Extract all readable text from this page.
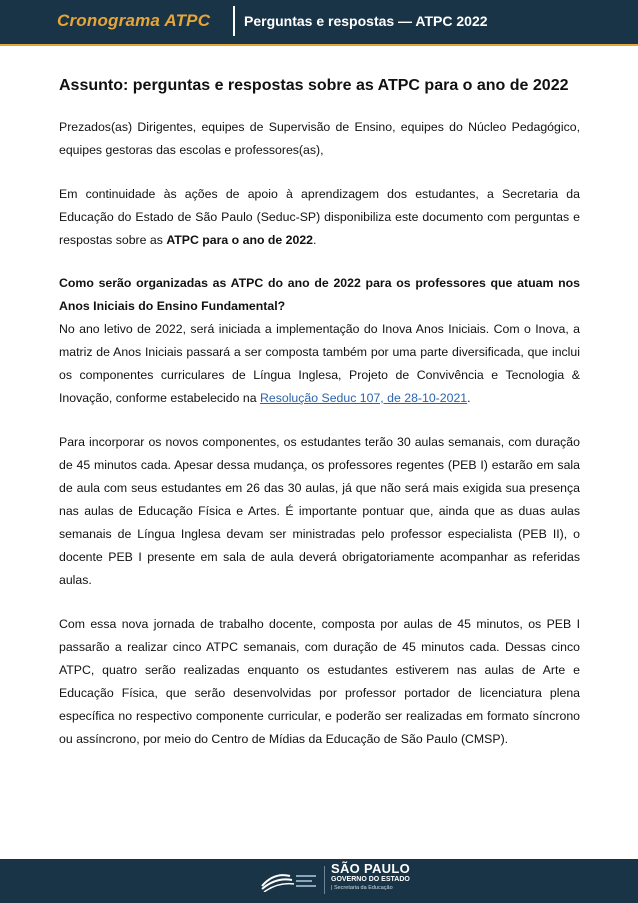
Cronograma ATPC Perguntas e respostas — ATPC 2022
Assunto: perguntas e respostas sobre as ATPC para o ano de 2022

Prezados(as) Dirigentes, equipes de Supervisão de Ensino, equipes do Núcleo Pedagógico, equipes gestoras das escolas e professores(as),

Em continuidade às ações de apoio à aprendizagem dos estudantes, a Secretaria da Educação do Estado de São Paulo (Seduc-SP) disponibiliza este documento com perguntas e respostas sobre as ATPC para o ano de 2022.

Como serão organizadas as ATPC do ano de 2022 para os professores que atuam nos Anos Iniciais do Ensino Fundamental?

No ano letivo de 2022, será iniciada a implementação do Inova Anos Iniciais. Com o Inova, a matriz de Anos Iniciais passará a ser composta também por uma parte diversificada, que inclui os componentes curriculares de Língua Inglesa, Projeto de Convivência e Tecnologia & Inovação, conforme estabelecido na Resolução Seduc 107, de 28-10-2021.

Para incorporar os novos componentes, os estudantes terão 30 aulas semanais, com duração de 45 minutos cada. Apesar dessa mudança, os professores regentes (PEB I) estarão em sala de aula com seus estudantes em 26 das 30 aulas, já que não será mais exigida sua presença nas aulas de Educação Física e Artes. É importante pontuar que, ainda que as duas aulas semanais de Língua Inglesa devam ser ministradas pelo professor especialista (PEB II), o docente PEB I presente em sala de aula deverá obrigatoriamente acompanhar as referidas aulas.

Com essa nova jornada de trabalho docente, composta por aulas de 45 minutos, os PEB I passarão a realizar cinco ATPC semanais, com duração de 45 minutos cada. Dessas cinco ATPC, quatro serão realizadas enquanto os estudantes estiverem nas aulas de Arte e Educação Física, que serão desenvolvidas por professor portador de licenciatura plena específica no respectivo componente curricular, e poderão ser realizadas em formato síncrono ou assíncrono, por meio do Centro de Mídias da Educação de São Paulo (CMSP).

SÃO PAULO
GOVERNO DO ESTADO
| Secretaria da Educação
